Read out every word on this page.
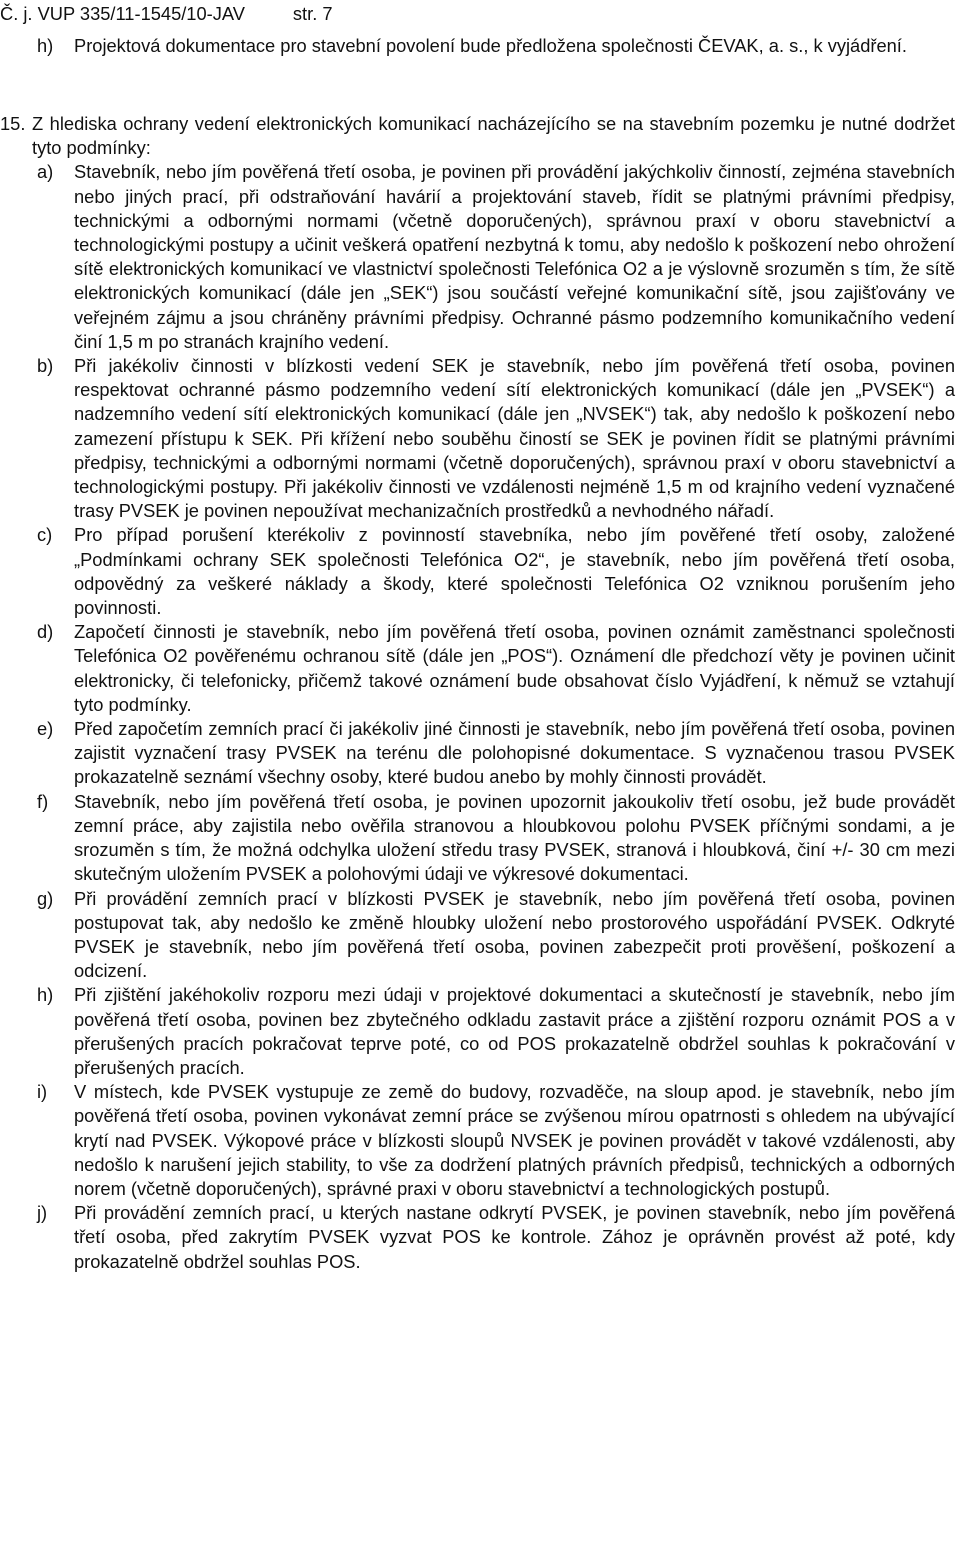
Č. j. VUP 335/11-1545/10-JAV	str. 7
h) Projektová dokumentace pro stavební povolení bude předložena společnosti ČEVAK, a. s., k vyjádření.
15. Z hlediska ochrany vedení elektronických komunikací nacházejícího se na stavebním pozemku je nutné dodržet tyto podmínky:
a) Stavebník, nebo jím pověřená třetí osoba, je povinen při provádění jakýchkoliv činností, zejména stavebních nebo jiných prací, při odstraňování havárií a projektování staveb, řídit se platnými právními předpisy, technickými a odbornými normami (včetně doporučených), správnou praxí v oboru stavebnictví a technologickými postupy a učinit veškerá opatření nezbytná k tomu, aby nedošlo k poškození nebo ohrožení sítě elektronických komunikací ve vlastnictví společnosti Telefónica O2 a je výslovně srozuměn s tím, že sítě elektronických komunikací (dále jen „SEK“) jsou součástí veřejné komunikační sítě, jsou zajišťovány ve veřejném zájmu a jsou chráněny právními předpisy. Ochranné pásmo podzemního komunikačního vedení činí 1,5 m po stranách krajního vedení.
b) Při jakékoliv činnosti v blízkosti vedení SEK je stavebník, nebo jím pověřená třetí osoba, povinen respektovat ochranné pásmo podzemního vedení sítí elektronických komunikací (dále jen „PVSEK“) a nadzemního vedení sítí elektronických komunikací (dále jen „NVSEK“) tak, aby nedošlo k poškození nebo zamezení přístupu k SEK. Při křížení nebo souběhu čiností se SEK je povinen řídit se platnými právními předpisy, technickými a odbornými normami (včetně doporučených), správnou praxí v oboru stavebnictví a technologickými postupy. Při jakékoliv činnosti ve vzdálenosti nejméně 1,5 m od krajního vedení vyznačené trasy PVSEK je povinen nepoužívat mechanizačních prostředků a nevhodného nářadí.
c) Pro případ porušení kterékoliv z povinností stavebníka, nebo jím pověřené třetí osoby, založené „Podmínkami ochrany SEK společnosti Telefónica O2“, je stavebník, nebo jím pověřená třetí osoba, odpovědný za veškeré náklady a škody, které společnosti Telefónica O2 vzniknou porušením jeho povinnosti.
d) Započetí činnosti je stavebník, nebo jím pověřená třetí osoba, povinen oznámit zaměstnanci společnosti Telefónica O2 pověřenému ochranou sítě (dále jen „POS“). Oznámení dle předchozí věty je povinen učinit elektronicky, či telefonicky, přičemž takové oznámení bude obsahovat číslo Vyjádření, k němuž se vztahují tyto podmínky.
e) Před započetím zemních prací či jakékoliv jiné činnosti je stavebník, nebo jím pověřená třetí osoba, povinen zajistit vyznačení trasy PVSEK na terénu dle polohopisné dokumentace. S vyznačenou trasou PVSEK prokazatelně seznámí všechny osoby, které budou anebo by mohly činnosti provádět.
f) Stavebník, nebo jím pověřená třetí osoba, je povinen upozornit jakoukoliv třetí osobu, jež bude provádět zemní práce, aby zajistila nebo ověřila stranovou a hloubkovou polohu PVSEK příčnými sondami, a je srozuměn s tím, že možná odchylka uložení středu trasy PVSEK, stranová i hloubková, činí +/- 30 cm mezi skutečným uložením PVSEK a polohovými údaji ve výkresové dokumentaci.
g) Při provádění zemních prací v blízkosti PVSEK je stavebník, nebo jím pověřená třetí osoba, povinen postupovat tak, aby nedošlo ke změně hloubky uložení nebo prostorového uspořádání PVSEK. Odkryté PVSEK je stavebník, nebo jím pověřená třetí osoba, povinen zabezpečit proti prověšení, poškození a odcizení.
h) Při zjištění jakéhokoliv rozporu mezi údaji v projektové dokumentaci a skutečností je stavebník, nebo jím pověřená třetí osoba, povinen bez zbytečného odkladu zastavit práce a zjištění rozporu oznámit POS a v přerušených pracích pokračovat teprve poté, co od POS prokazatelně obdržel souhlas k pokračování v přerušených pracích.
i) V místech, kde PVSEK vystupuje ze země do budovy, rozvaděče, na sloup apod. je stavebník, nebo jím pověřená třetí osoba, povinen vykonávat zemní práce se zvýšenou mírou opatrnosti s ohledem na ubývající krytí nad PVSEK. Výkopové práce v blízkosti sloupů NVSEK je povinen provádět v takové vzdálenosti, aby nedošlo k narušení jejich stability, to vše za dodržení platných právních předpisů, technických a odborných norem (včetně doporučených), správné praxi v oboru stavebnictví a technologických postupů.
j) Při provádění zemních prací, u kterých nastane odkrytí PVSEK, je povinen stavebník, nebo jím pověřená třetí osoba, před zakrytím PVSEK vyzvat POS ke kontrole. Zához je oprávněn provést až poté, kdy prokazatelně obdržel souhlas POS.
